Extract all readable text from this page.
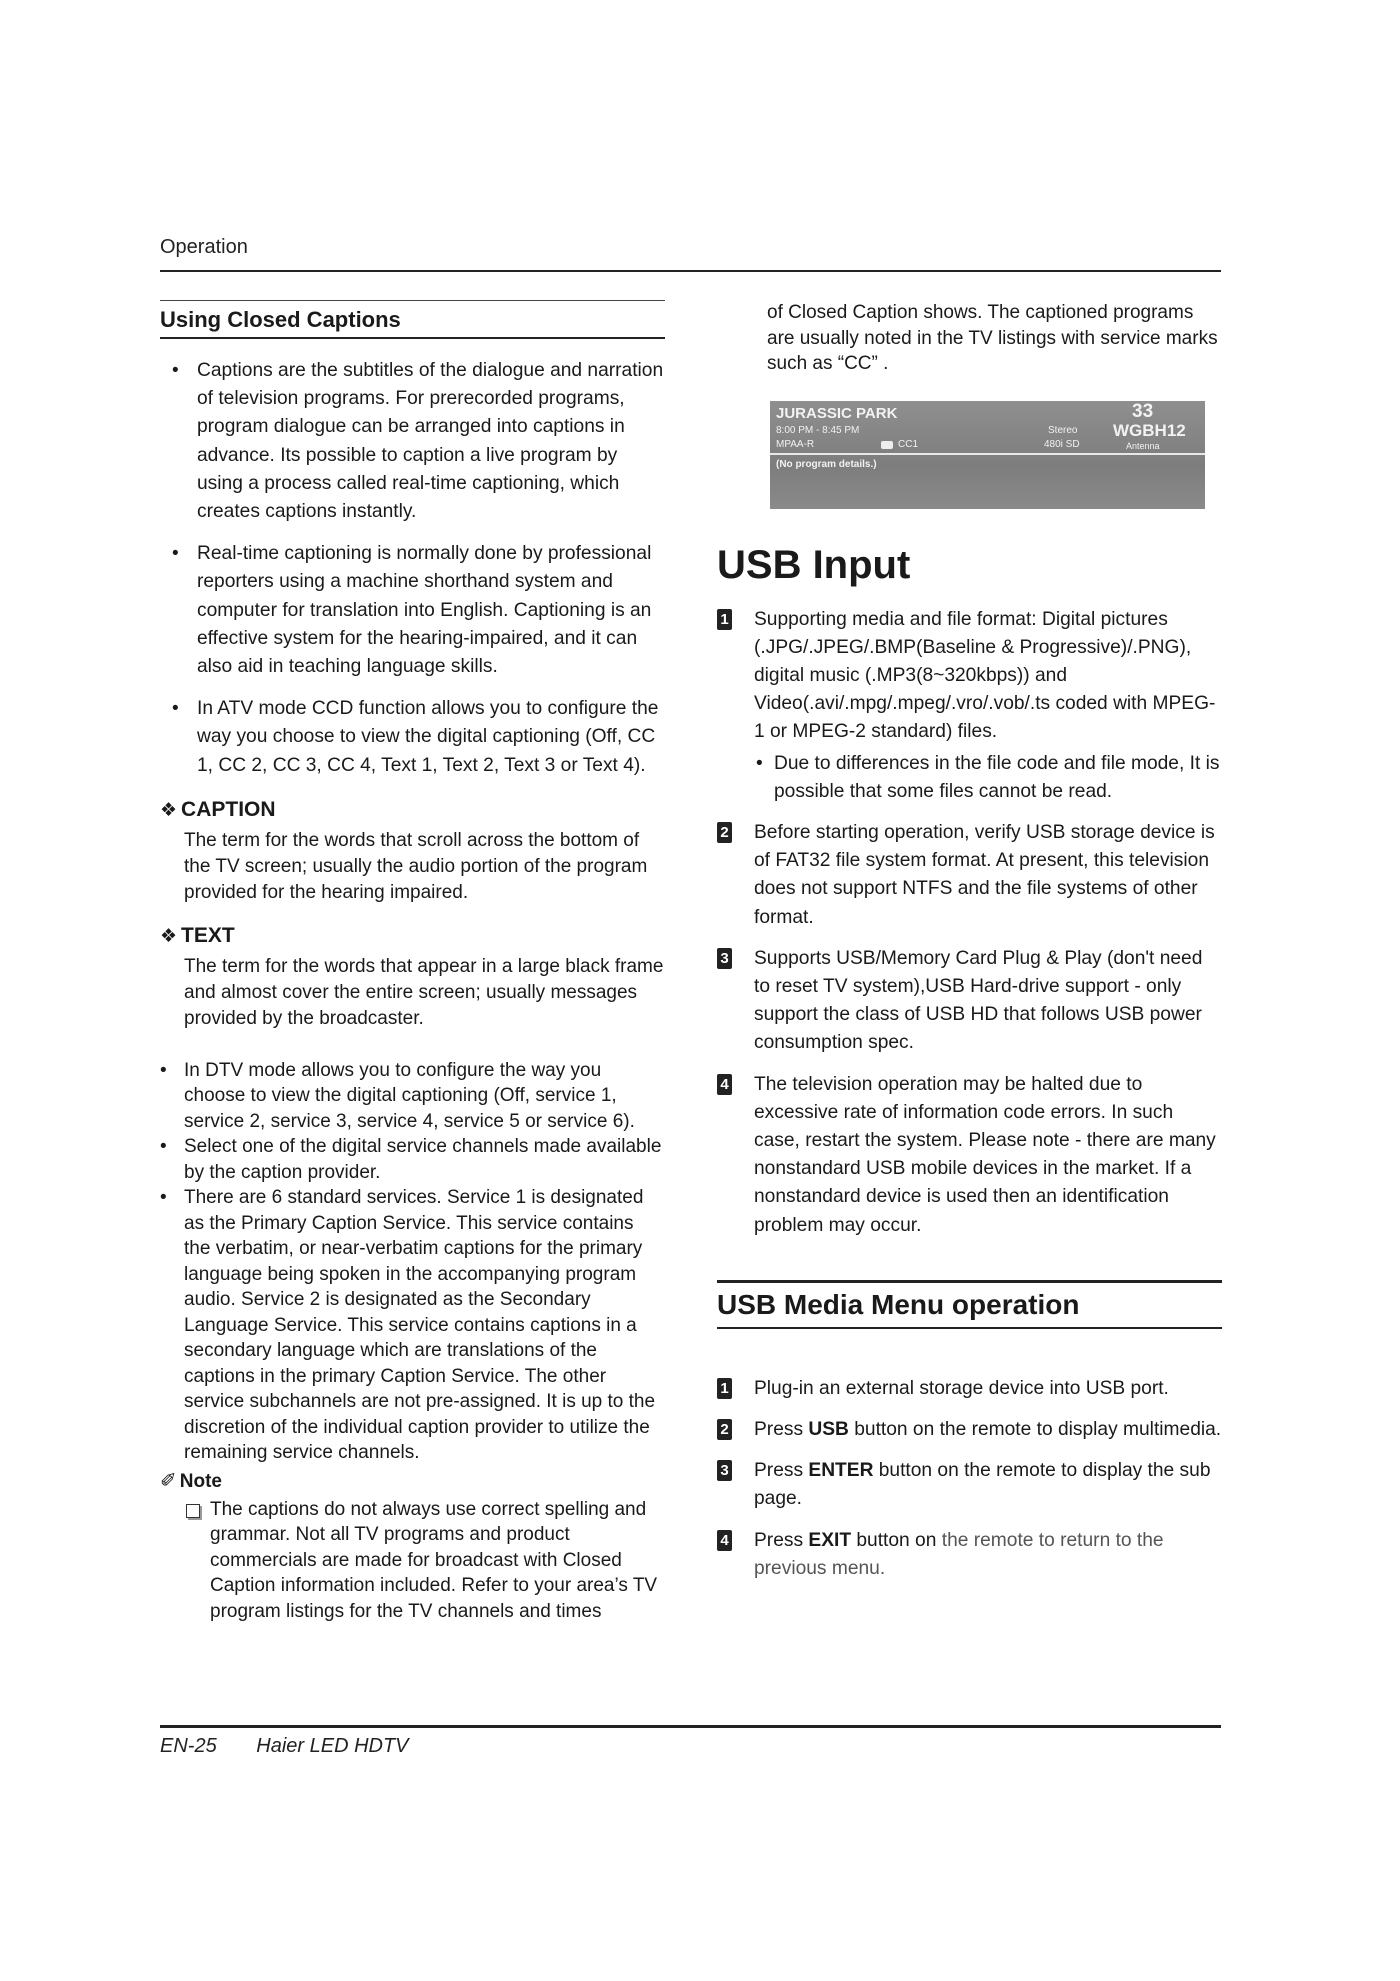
Operation
Using Closed Captions
• Captions are the subtitles of the dialogue and narration of television programs. For prerecorded programs, program dialogue can be arranged into captions in advance. Its possible to caption a live program by using a process called real-time captioning, which creates captions instantly.
• Real-time captioning is normally done by professional reporters using a machine shorthand system and computer for translation into English. Captioning is an effective system for the hearing-impaired, and it can also aid in teaching language skills.
• In ATV mode CCD function allows you to configure the way you choose to view the digital captioning (Off, CC 1, CC 2, CC 3, CC 4, Text 1, Text 2, Text 3 or Text 4).
❖ CAPTION
The term for the words that scroll across the bottom of the TV screen; usually the audio portion of the program provided for the hearing impaired.
❖ TEXT
The term for the words that appear in a large black frame and almost cover the entire screen; usually messages provided by the broadcaster.
• In DTV mode allows you to configure the way you choose to view the digital captioning (Off, service 1, service 2, service 3, service 4, service 5 or service 6).
• Select one of the digital service channels made available by the caption provider.
• There are 6 standard services. Service 1 is designated as the Primary Caption Service. This service contains the verbatim, or near-verbatim captions for the primary language being spoken in the accompanying program audio. Service 2 is designated as the Secondary Language Service. This service contains captions in a secondary language which are translations of the captions in the primary Caption Service. The other service subchannels are not pre-assigned. It is up to the discretion of the individual caption provider to utilize the remaining service channels.
✐ Note
The captions do not always use correct spelling and grammar. Not all TV programs and product commercials are made for broadcast with Closed Caption information included. Refer to your area’s TV program listings for the TV channels and times
of Closed Caption shows. The captioned programs are usually noted in the TV listings with service marks such as “CC” .
JURASSIC PARK
8:00 PM - 8:45 PM
MPAA-R	CC1
Stereo
480i SD
33
WGBH12
Antenna
(No program details.)
USB Input
1 Supporting media and file format: Digital pictures (.JPG/.JPEG/.BMP(Baseline & Progressive)/.PNG), digital music (.MP3(8~320kbps)) and Video(.avi/.mpg/.mpeg/.vro/.vob/.ts coded with MPEG-1 or MPEG-2 standard) files.
• Due to differences in the file code and file mode, It is possible that some files cannot be read.
2 Before starting operation, verify USB storage device is of FAT32 file system format. At present, this television does not support NTFS and the file systems of other format.
3 Supports USB/Memory Card Plug & Play (don't need to reset TV system),USB Hard-drive support - only support the class of USB HD that follows USB power consumption spec.
4 The television operation may be halted due to excessive rate of information code errors. In such case, restart the system. Please note - there are many nonstandard USB mobile devices in the market. If a nonstandard device is used then an identification problem may occur.
USB Media Menu operation
1 Plug-in an external storage device into USB port.
2 Press USB button on the remote to display multimedia.
3 Press ENTER button on the remote to display the sub page.
4 Press EXIT button on the remote to return to the previous menu.
EN-25 Haier LED HDTV
